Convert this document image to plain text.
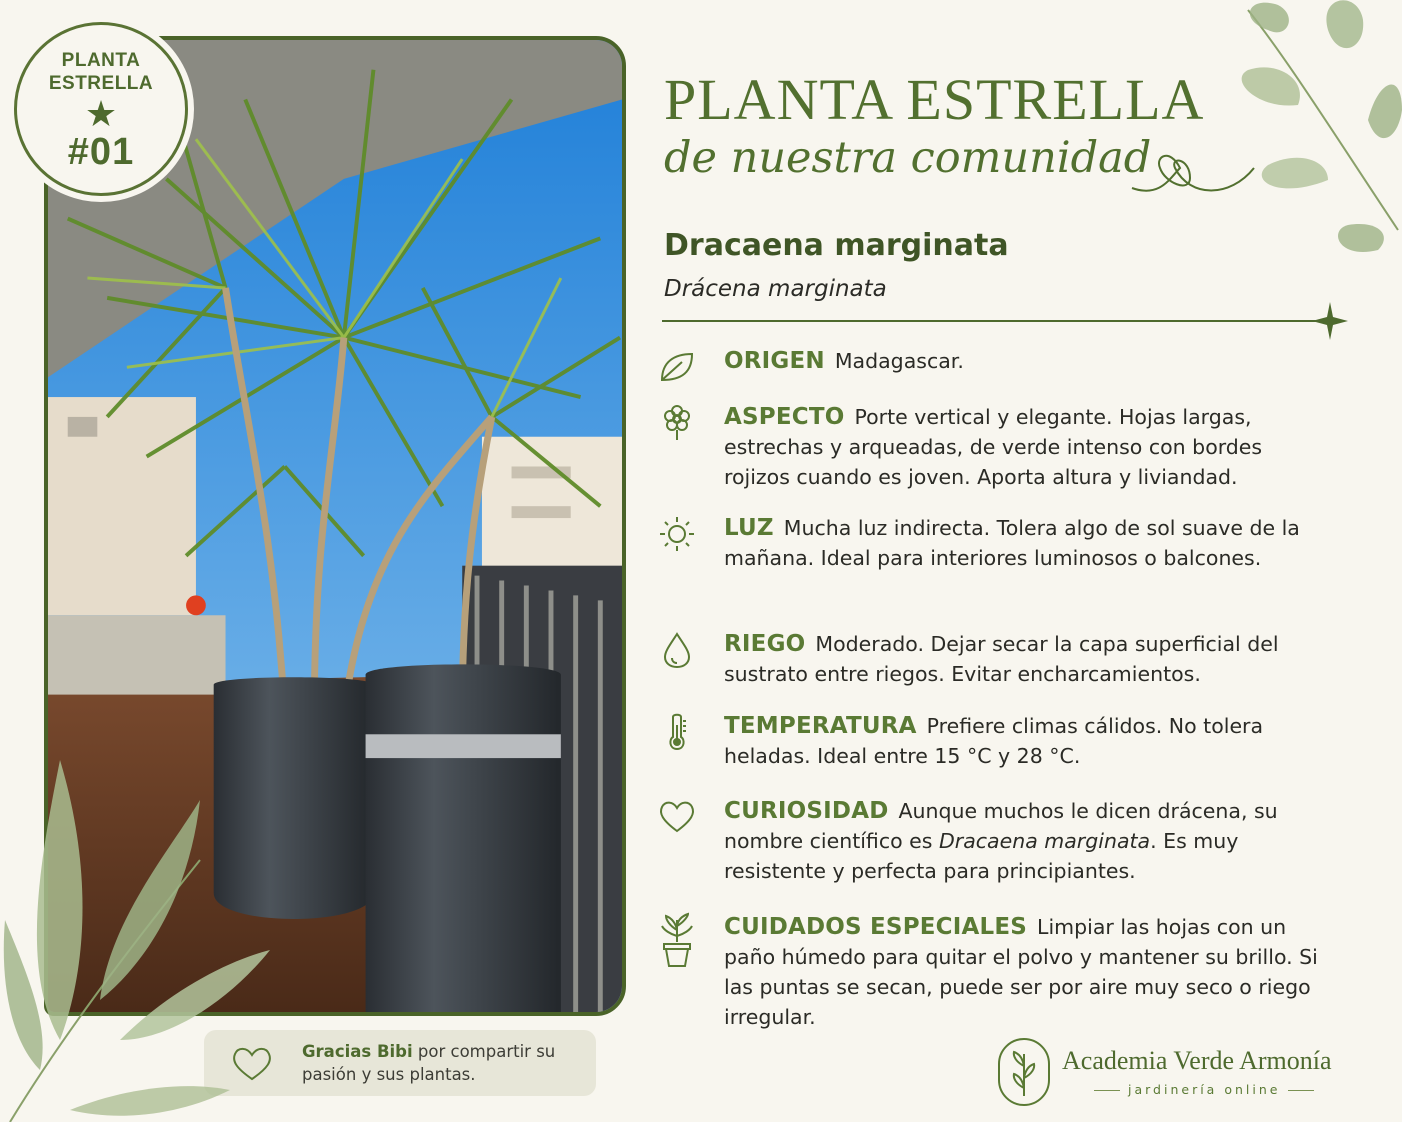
PLANTA
ESTRELLA
★
#01
PLANTA ESTRELLA
de nuestra comunidad
Dracaena marginata
Drácena marginata
ORIGEN Madagascar.
ASPECTO Porte vertical y elegante. Hojas largas, estrechas y arqueadas, de verde intenso con bordes rojizos cuando es joven. Aporta altura y liviandad.
LUZ Mucha luz indirecta. Tolera algo de sol suave de la mañana. Ideal para interiores luminosos o balcones.
RIEGO Moderado. Dejar secar la capa superficial del sustrato entre riegos. Evitar encharcamientos.
TEMPERATURA Prefiere climas cálidos. No tolera heladas. Ideal entre 15 °C y 28 °C.
CURIOSIDAD Aunque muchos le dicen drácena, su nombre científico es Dracaena marginata. Es muy resistente y perfecta para principiantes.
CUIDADOS ESPECIALES Limpiar las hojas con un paño húmedo para quitar el polvo y mantener su brillo. Si las puntas se secan, puede ser por aire muy seco o riego irregular.
Gracias Bibi por compartir su pasión y sus plantas.	Academia Verde Armonía
jardinería online
